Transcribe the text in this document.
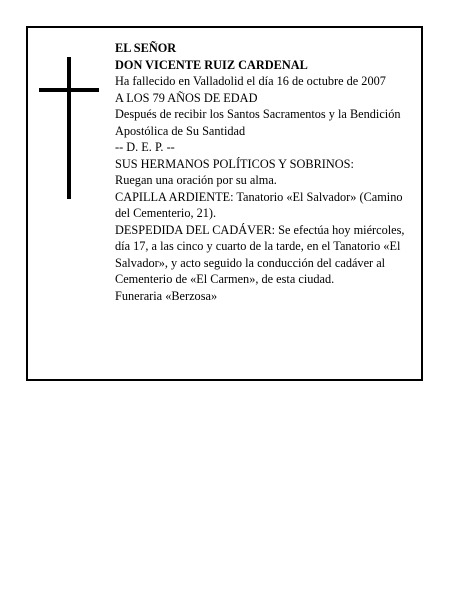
EL SEÑOR

DON VICENTE RUIZ CARDENAL

Ha fallecido en Valladolid el día 16 de octubre de 2007

A LOS 79 AÑOS DE EDAD

Después de recibir los Santos Sacramentos y la Bendición Apostólica de Su Santidad

-- D. E. P. --

SUS HERMANOS POLÍTICOS Y SOBRINOS:

Ruegan una oración por su alma.

CAPILLA ARDIENTE: Tanatorio «El Salvador» (Camino del Cementerio, 21).

DESPEDIDA DEL CADÁVER: Se efectúa hoy miércoles, día 17, a las cinco y cuarto de la tarde, en el Tanatorio «El Salvador», y acto seguido la conducción del cadáver al Cementerio de «El Carmen», de esta ciudad.

Funeraria «Berzosa»
